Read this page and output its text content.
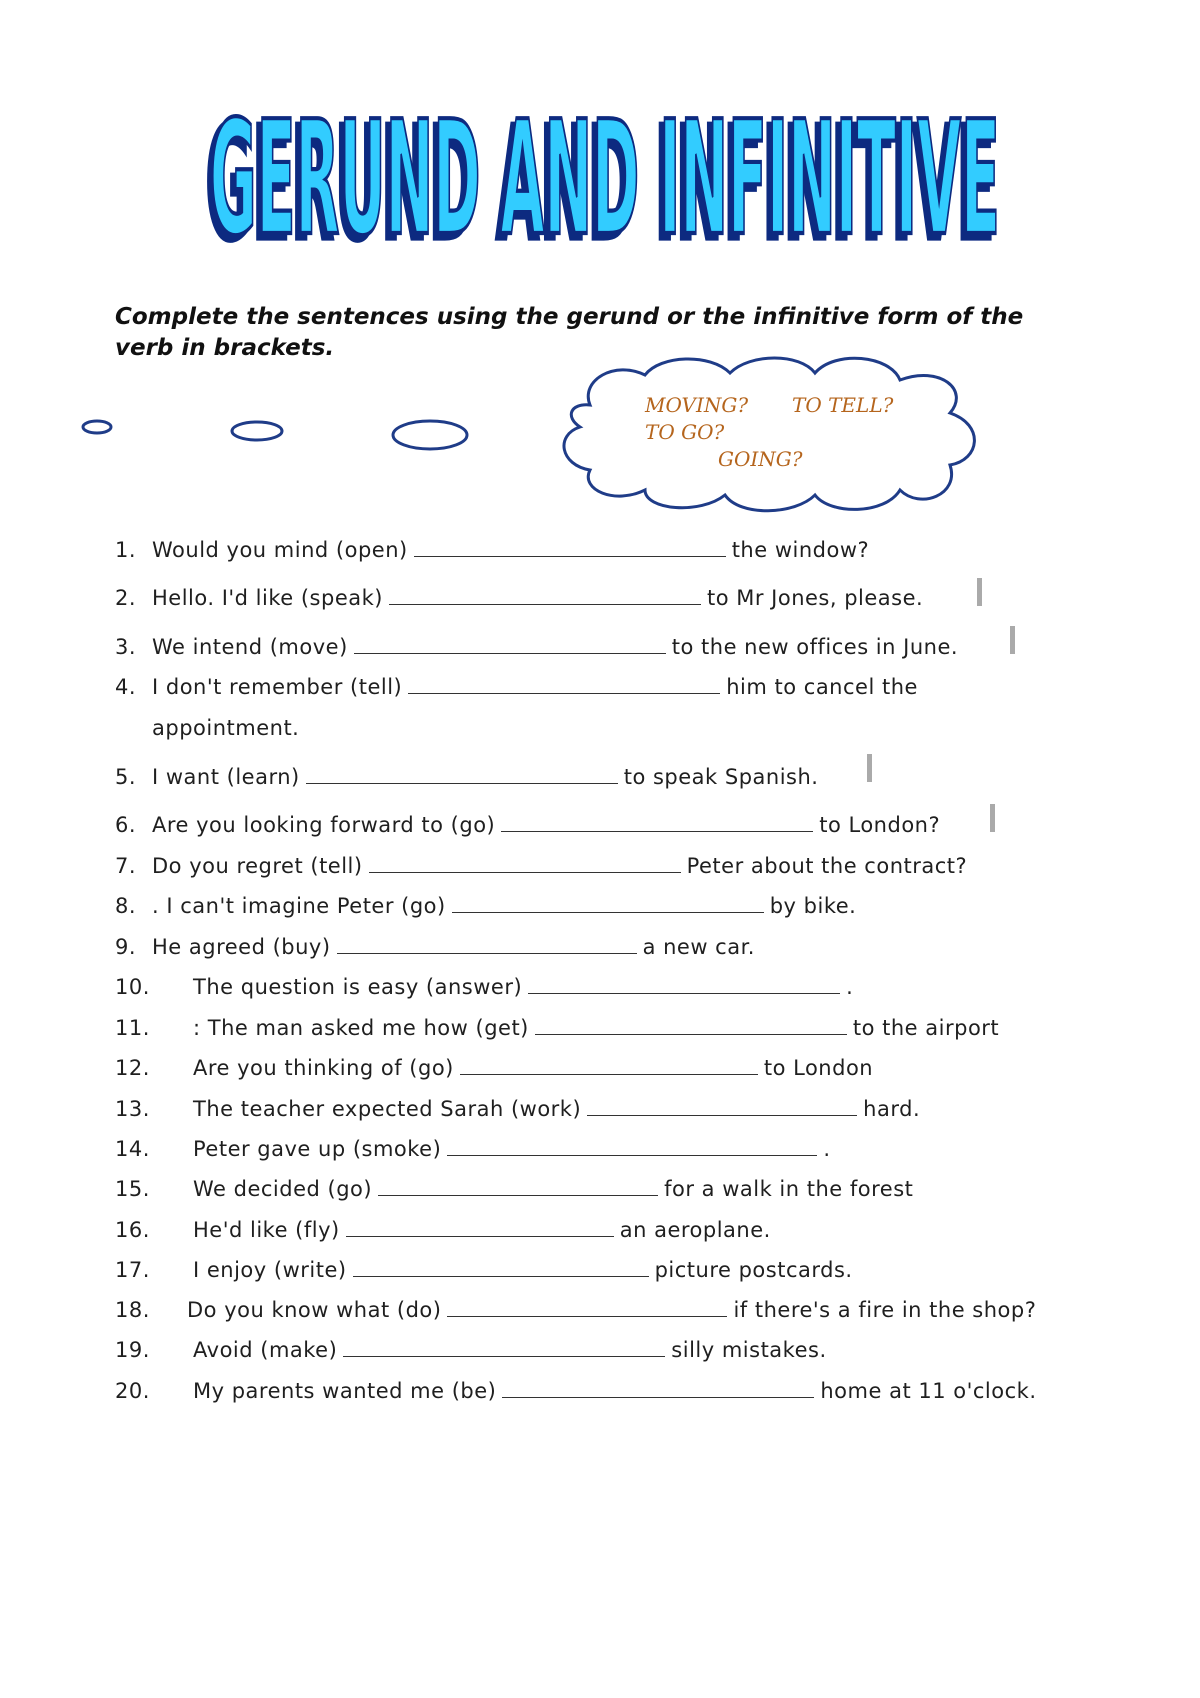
GERUND AND INFINITIVE

Complete the sentences using the gerund or the infinitive form of the verb in brackets.

MOVING? TO TELL?
TO GO?
GOING?
1. Would you mind (open)	the window?
2. Hello. I'd like (speak)	to Mr Jones, please.
3. We intend (move)	to the new offices in June.
4. I don't remember (tell)	him to cancel the
appointment.
5. I want (learn)	to speak Spanish.
6. Are you looking forward to (go)	to London?
7. Do you regret (tell)	Peter about the contract?
8. . I can't imagine Peter (go)	by bike.
9. He agreed (buy)	a new car.
10. The question is easy (answer)	.
11. : The man asked me how (get)	to the airport
12. Are you thinking of (go)	to London
13. The teacher expected Sarah (work)	hard.
14. Peter gave up (smoke)	.
15. We decided (go)	for a walk in the forest
16. He'd like (fly)	an aeroplane.
17. I enjoy (write)	picture postcards.
18. Do you know what (do)	if there's a fire in the shop?
19. Avoid (make)	silly mistakes.
20. My parents wanted me (be)	home at 11 o'clock.
